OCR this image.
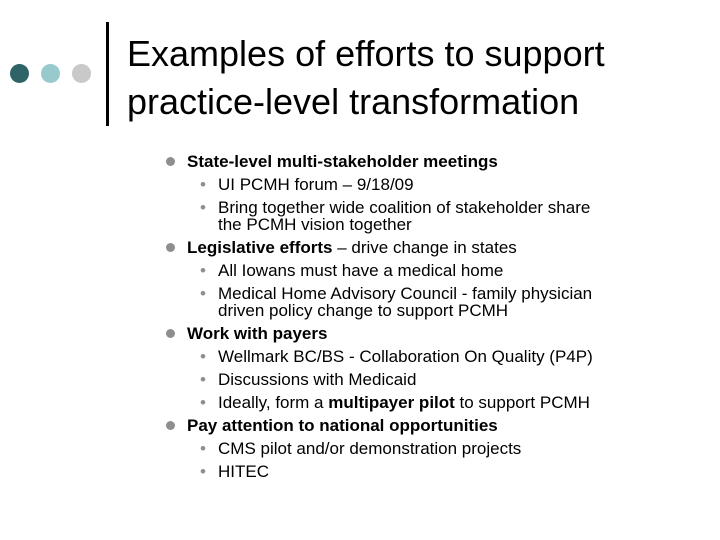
Examples of efforts to support
practice-level transformation
State-level multi-stakeholder meetings
• UI PCMH forum – 9/18/09
• Bring together wide coalition of stakeholder share
the PCMH vision together
Legislative efforts – drive change in states
• All Iowans must have a medical home
• Medical Home Advisory Council - family physician
driven policy change to support PCMH
Work with payers
• Wellmark BC/BS - Collaboration On Quality (P4P)
• Discussions with Medicaid
• Ideally, form a multipayer pilot to support PCMH
Pay attention to national opportunities
• CMS pilot and/or demonstration projects
• HITEC
